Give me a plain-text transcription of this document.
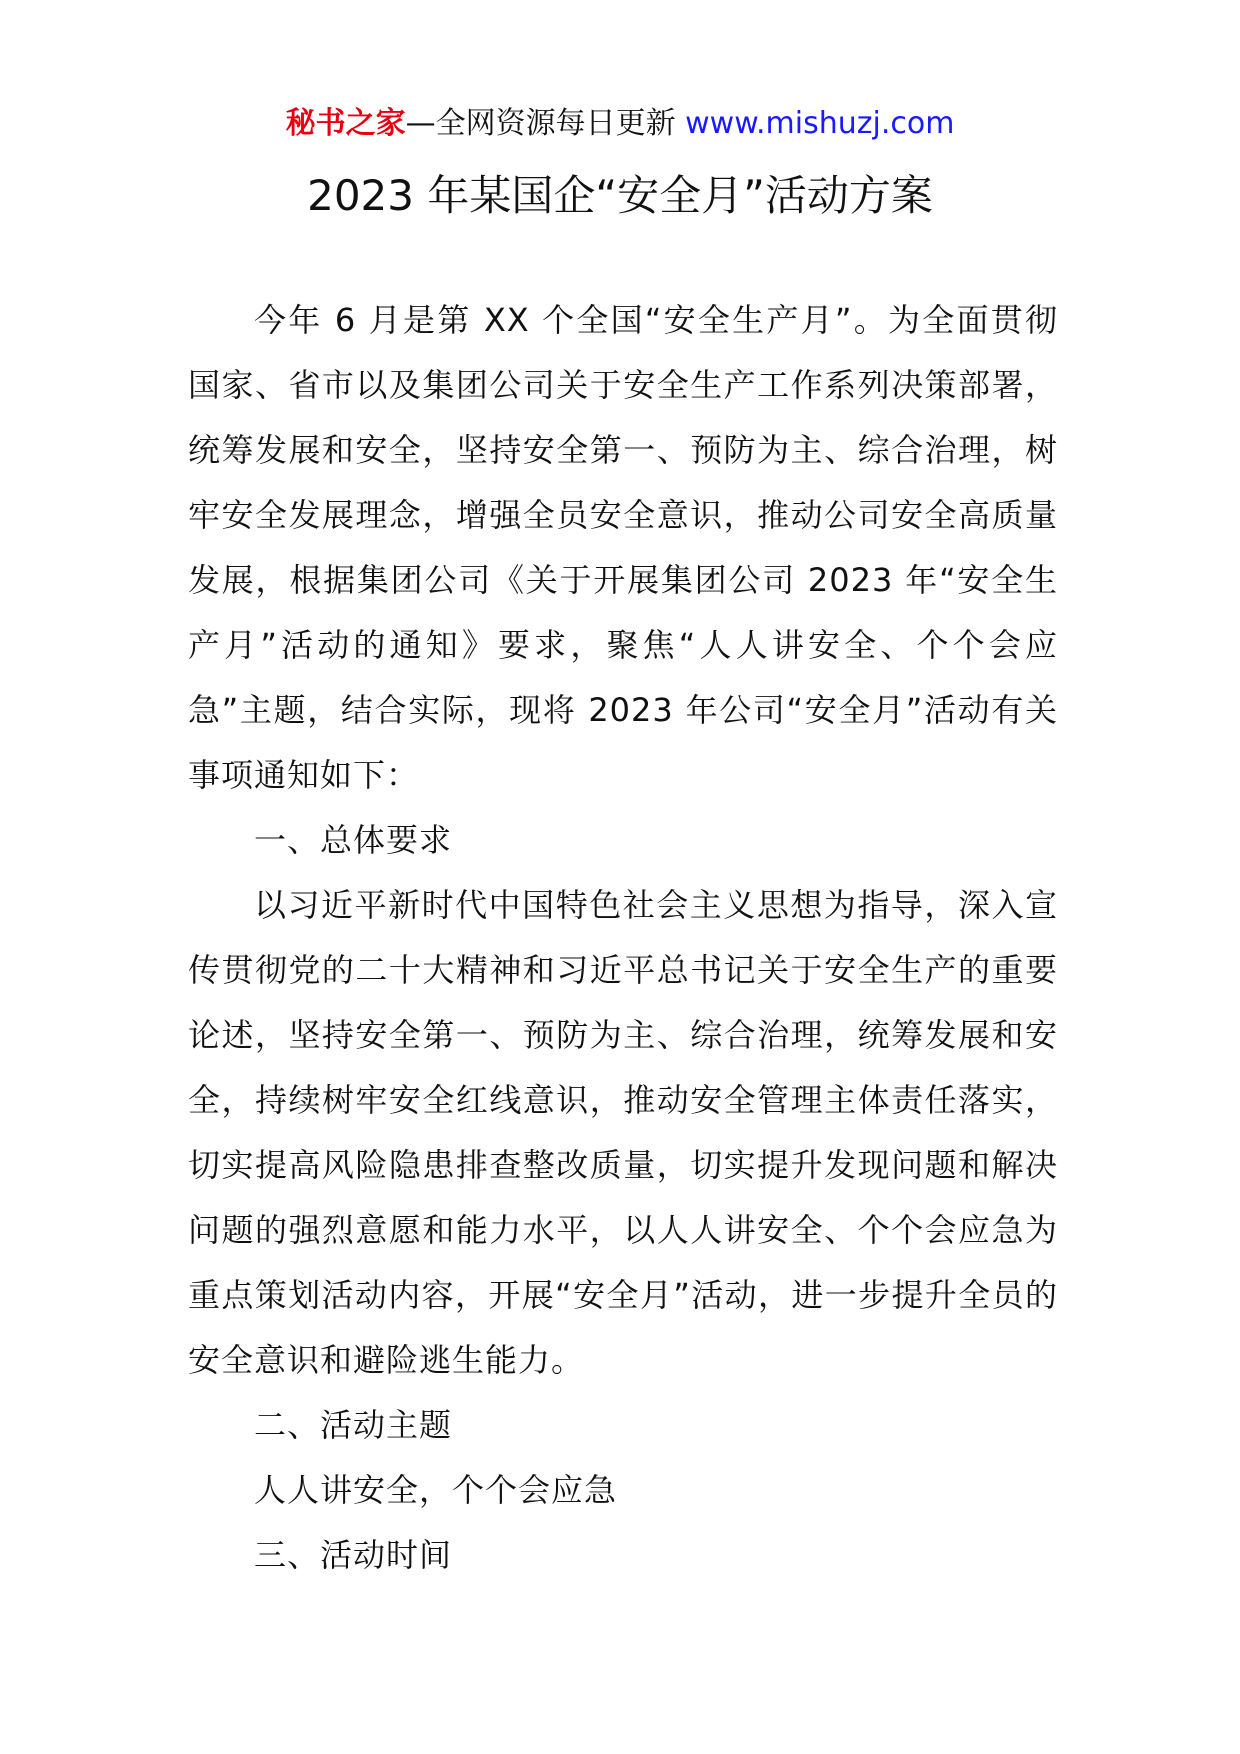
秘书之家—全网资源每日更新 www.mishuzj.com
2023 年某国企“安全月”活动方案

今年 6 月是第 XX 个全国“安全生产月”。为全面贯彻国家、省市以及集团公司关于安全生产工作系列决策部署，统筹发展和安全，坚持安全第一、预防为主、综合治理，树牢安全发展理念，增强全员安全意识，推动公司安全高质量发展，根据集团公司《关于开展集团公司 2023 年“安全生产月”活动的通知》要求，聚焦“人人讲安全、个个会应急”主题，结合实际，现将 2023 年公司“安全月”活动有关事项通知如下：

一、总体要求

以习近平新时代中国特色社会主义思想为指导，深入宣传贯彻党的二十大精神和习近平总书记关于安全生产的重要论述，坚持安全第一、预防为主、综合治理，统筹发展和安全，持续树牢安全红线意识，推动安全管理主体责任落实，切实提高风险隐患排查整改质量，切实提升发现问题和解决问题的强烈意愿和能力水平，以人人讲安全、个个会应急为重点策划活动内容，开展“安全月”活动，进一步提升全员的安全意识和避险逃生能力。

二、活动主题

人人讲安全，个个会应急

三、活动时间
